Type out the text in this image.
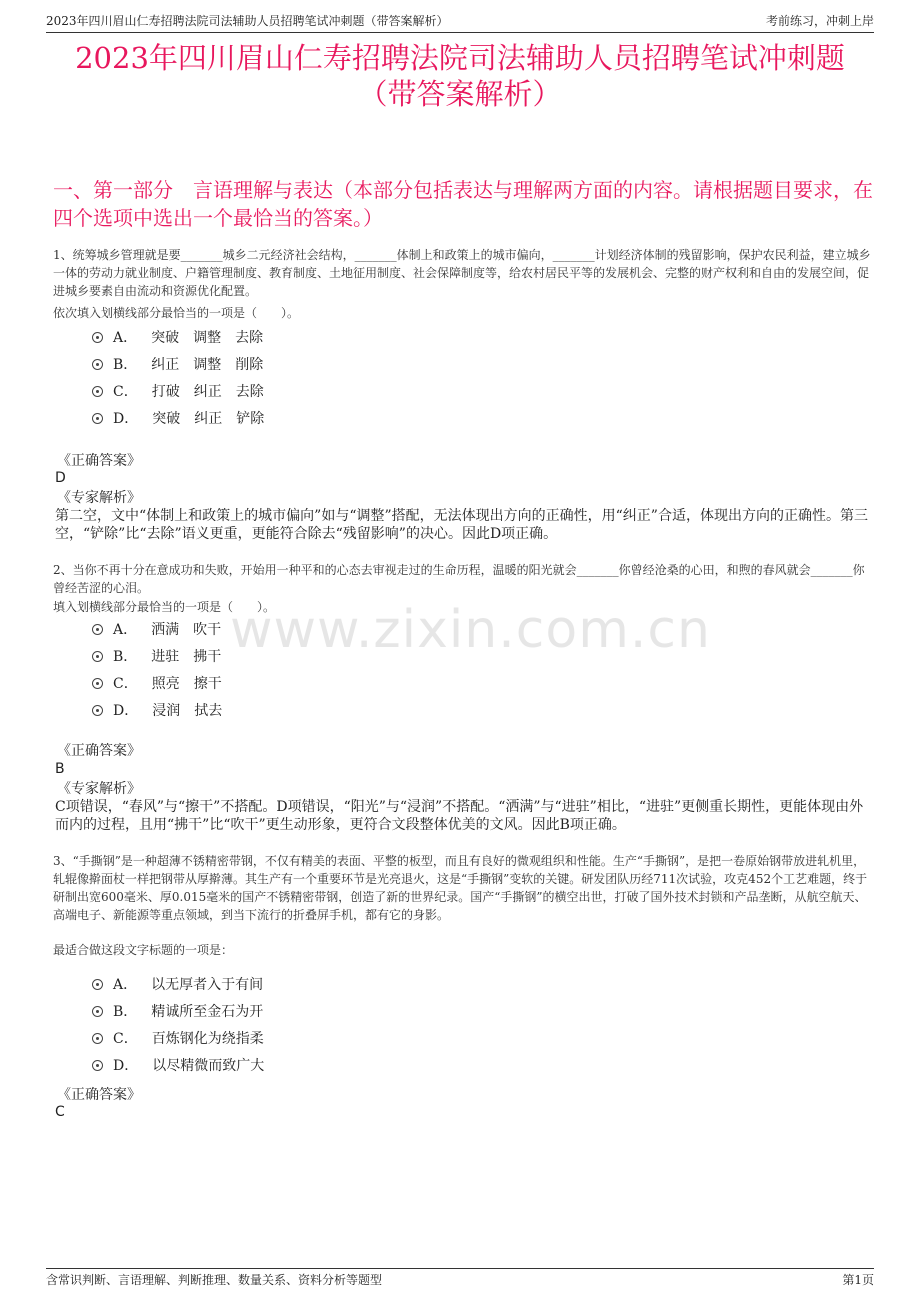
2023年四川眉山仁寿招聘法院司法辅助人员招聘笔试冲刺题（带答案解析）	考前练习，冲刺上岸
2023年四川眉山仁寿招聘法院司法辅助人员招聘笔试冲刺题
（带答案解析）
一、第一部分　言语理解与表达（本部分包括表达与理解两方面的内容。请根据题目要求，在四个选项中选出一个最恰当的答案。）
www.zixin.com.cn
1、统筹城乡管理就是要_______城乡二元经济社会结构，_______体制上和政策上的城市偏向，_______计划经济体制的残留影响，保护农民利益，建立城乡一体的劳动力就业制度、户籍管理制度、教育制度、土地征用制度、社会保障制度等，给农村居民平等的发展机会、完整的财产权利和自由的发展空间，促进城乡要素自由流动和资源优化配置。
依次填入划横线部分最恰当的一项是（　　）。
A． 突破　调整　去除
B． 纠正　调整　削除
C． 打破　纠正　去除
D． 突破　纠正　铲除
《正确答案》
D
《专家解析》
第二空，文中“体制上和政策上的城市偏向”如与“调整”搭配，无法体现出方向的正确性，用“纠正”合适，体现出方向的正确性。第三空，“铲除”比“去除”语义更重，更能符合除去“残留影响”的决心。因此D项正确。
2、当你不再十分在意成功和失败，开始用一种平和的心态去审视走过的生命历程，温暖的阳光就会_______你曾经沧桑的心田，和煦的春风就会_______你曾经苦涩的心泪。
填入划横线部分最恰当的一项是（　　）。
A． 洒满　吹干
B． 进驻　拂干
C． 照亮　擦干
D． 浸润　拭去
《正确答案》
B
《专家解析》
C项错误，“春风”与“擦干”不搭配。D项错误，“阳光”与“浸润”不搭配。“洒满”与“进驻”相比，“进驻”更侧重长期性，更能体现由外而内的过程，且用“拂干”比“吹干”更生动形象，更符合文段整体优美的文风。因此B项正确。
3、“手撕钢”是一种超薄不锈精密带钢，不仅有精美的表面、平整的板型，而且有良好的微观组织和性能。生产“手撕钢”，是把一卷原始钢带放进轧机里，轧辊像擀面杖一样把钢带从厚擀薄。其生产有一个重要环节是光亮退火，这是“手撕钢”变软的关键。研发团队历经711次试验，攻克452个工艺难题，终于研制出宽600毫米、厚0.015毫米的国产不锈精密带钢，创造了新的世界纪录。国产“手撕钢”的横空出世，打破了国外技术封锁和产品垄断，从航空航天、高端电子、新能源等重点领域，到当下流行的折叠屏手机，都有它的身影。
最适合做这段文字标题的一项是：
A． 以无厚者入于有间
B． 精诚所至金石为开
C． 百炼钢化为绕指柔
D． 以尽精微而致广大
《正确答案》
C
含常识判断、言语理解、判断推理、数量关系、资料分析等题型	第1页
